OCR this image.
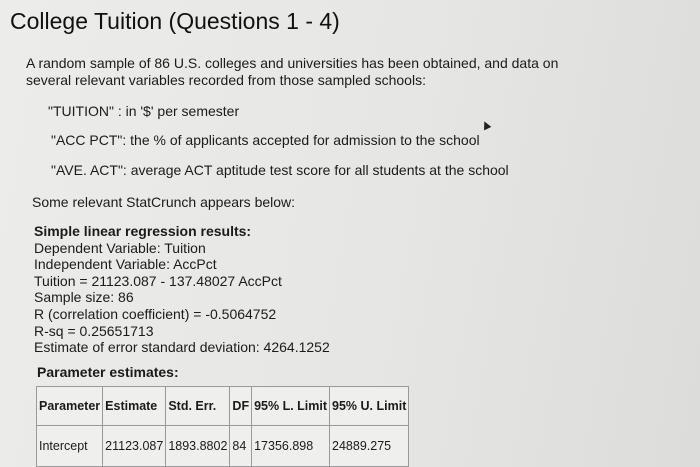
College Tuition (Questions 1 - 4)
A random sample of 86 U.S. colleges and universities has been obtained, and data on several relevant variables recorded from those sampled schools:
"TUITION" : in '$' per semester
"ACC PCT": the % of applicants accepted for admission to the school
"AVE. ACT": average ACT aptitude test score for all students at the school
Some relevant StatCrunch appears below:
Simple linear regression results:
Dependent Variable: Tuition
Independent Variable: AccPct
Tuition = 21123.087 - 137.48027 AccPct
Sample size: 86
R (correlation coefficient) = -0.5064752
R-sq = 0.25651713
Estimate of error standard deviation: 4264.1252
Parameter estimates:
Parameter	Estimate	Std. Err.	DF	95% L. Limit	95% U. Limit
Intercept	21123.087	1893.8802	84	17356.898	24889.275
